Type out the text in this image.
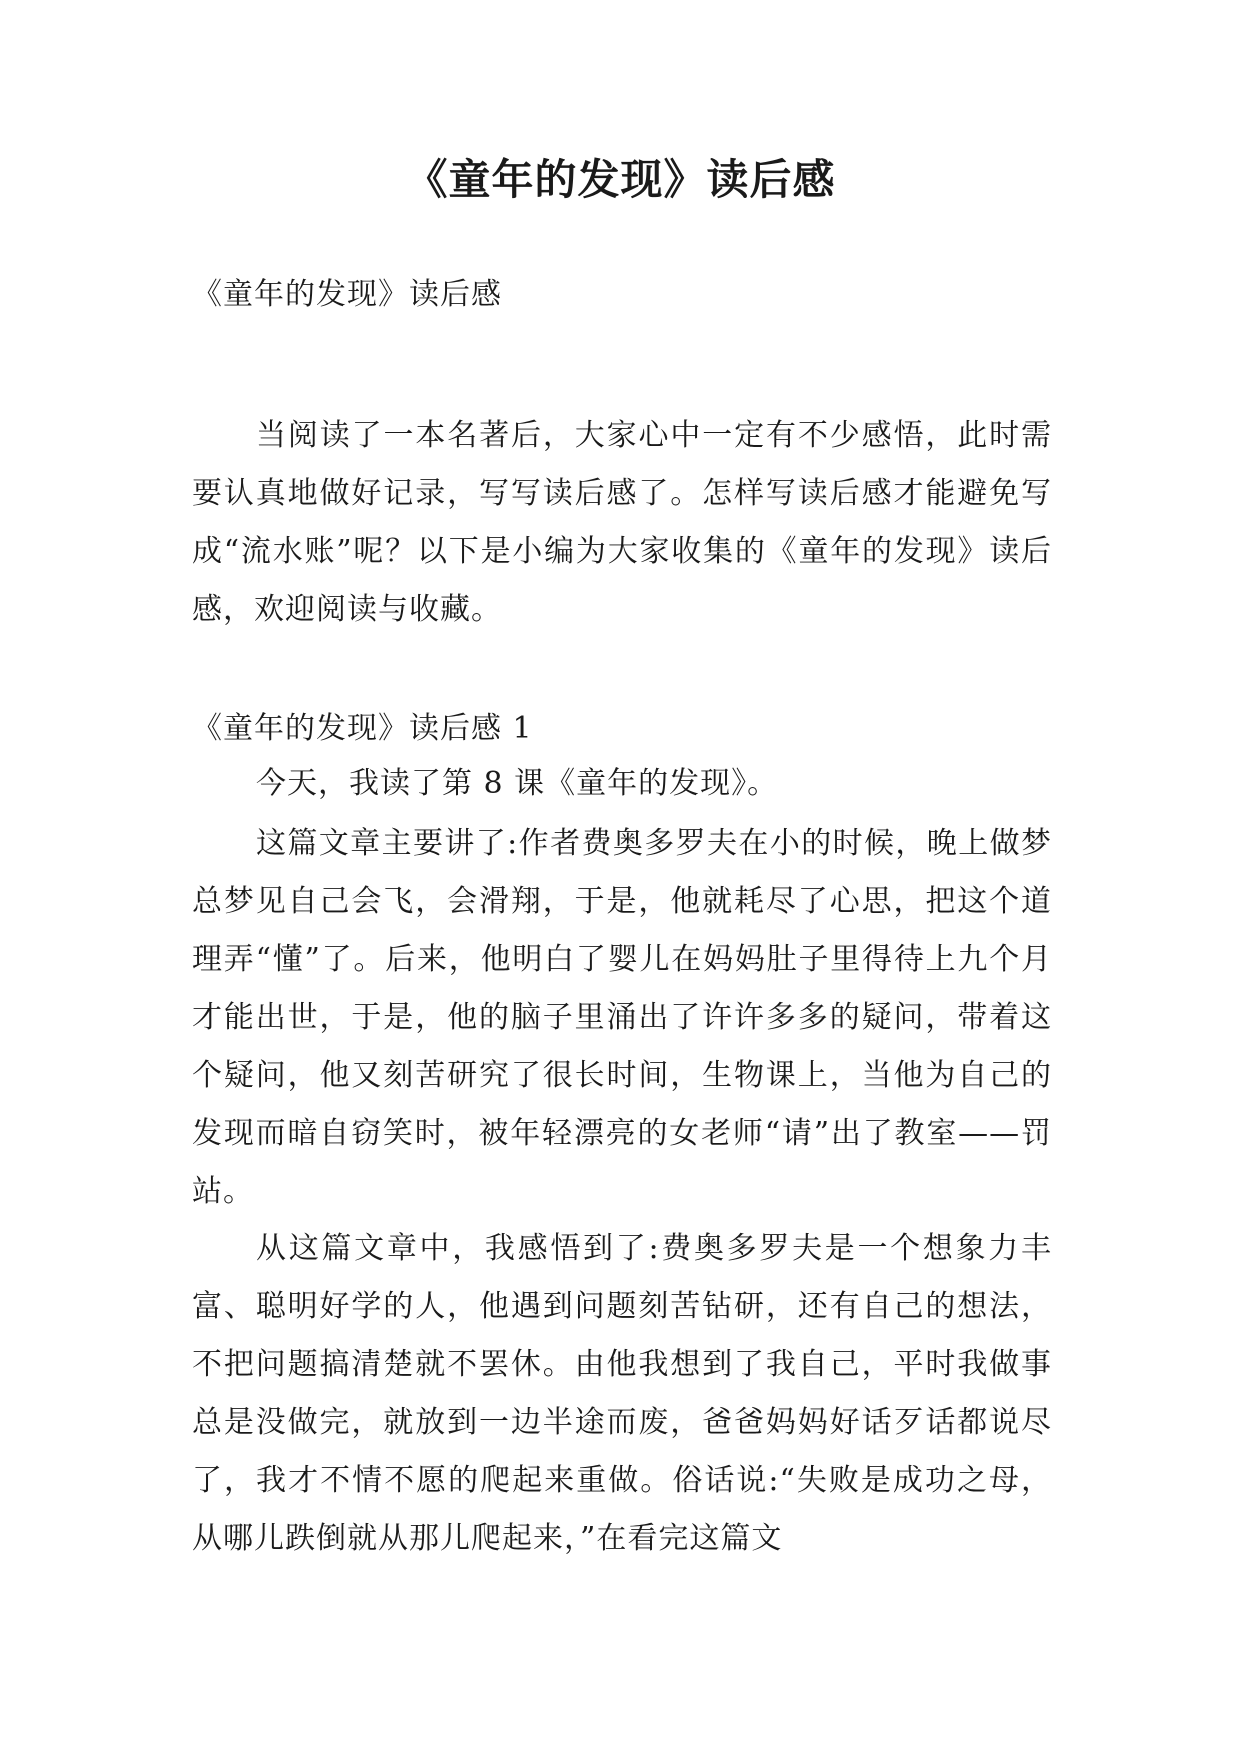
《童年的发现》读后感

《童年的发现》读后感

当阅读了一本名著后，大家心中一定有不少感悟，此时需要认真地做好记录，写写读后感了。怎样写读后感才能避免写成“流水账”呢？以下是小编为大家收集的《童年的发现》读后感，欢迎阅读与收藏。

《童年的发现》读后感 1

今天，我读了第 8 课《童年的发现》。

这篇文章主要讲了:作者费奥多罗夫在小的时候，晚上做梦总梦见自己会飞，会滑翔，于是，他就耗尽了心思，把这个道理弄“懂”了。后来，他明白了婴儿在妈妈肚子里得待上九个月才能出世，于是，他的脑子里涌出了许许多多的疑问，带着这个疑问，他又刻苦研究了很长时间，生物课上，当他为自己的发现而暗自窃笑时，被年轻漂亮的女老师“请”出了教室——罚站。

从这篇文章中，我感悟到了:费奥多罗夫是一个想象力丰富、聪明好学的人，他遇到问题刻苦钻研，还有自己的想法，不把问题搞清楚就不罢休。由他我想到了我自己，平时我做事总是没做完，就放到一边半途而废，爸爸妈妈好话歹话都说尽了，我才不情不愿的爬起来重做。俗话说:“失败是成功之母，从哪儿跌倒就从那儿爬起来，”在看完这篇文
